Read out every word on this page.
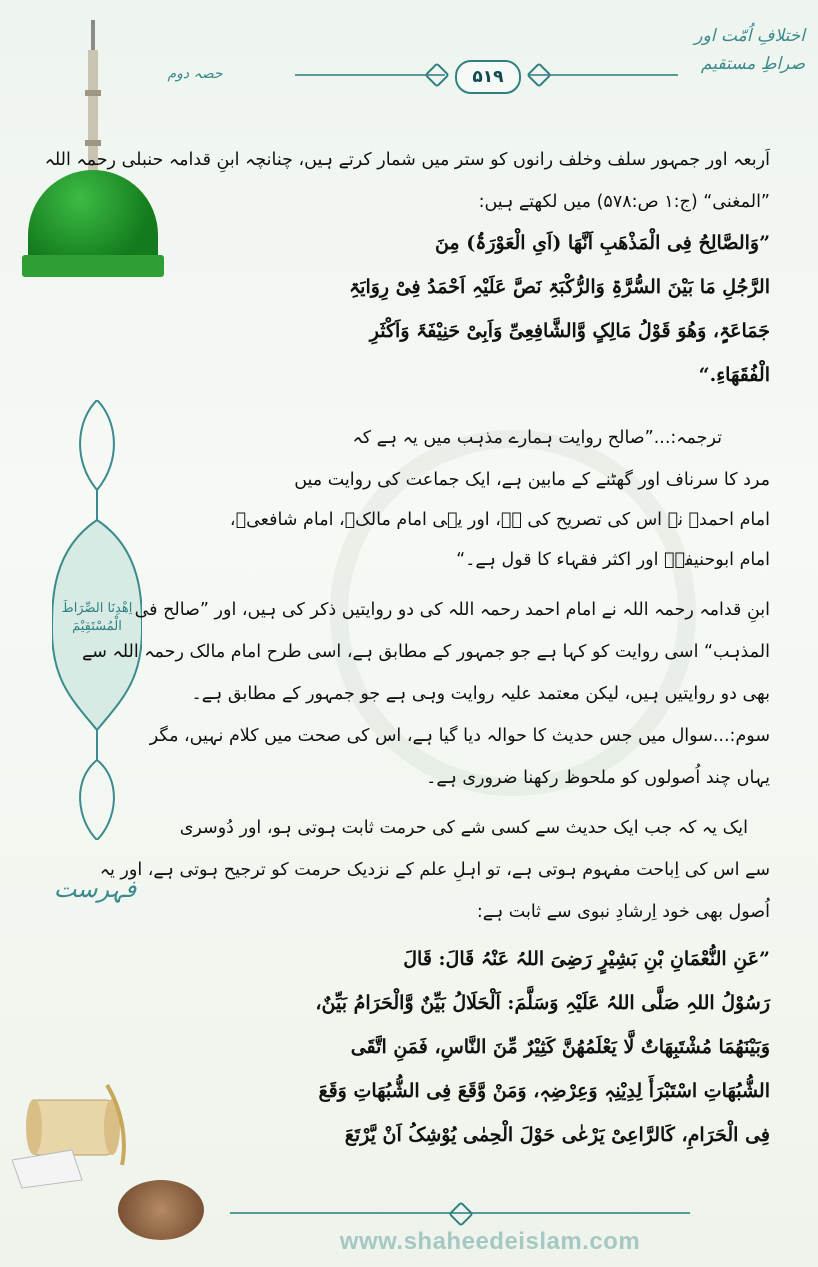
اختلافِ اُمّت اور صراطِ مستقیم
حصہ دوم	۵۱۹
اِھْدِنَا الصِّرَاطَ الْمُسْتَقِیْمَ
فہرست
اَربعہ اور جمہور سلف وخلف رانوں کو ستر میں شمار کرتے ہیں، چنانچہ ابنِ قدامہ حنبلی رحمہ اللہ
”المغنی“ (ج:۱ ص:۵۷۸) میں لکھتے ہیں:
”وَالصَّالِحُ فِی الْمَذْھَبِ اَنَّھَا (اَیِ الْعَوْرَۃُ) مِنَ
الرَّجُلِ مَا بَیْنَ السُّرَّۃِ وَالرُّکْبَۃِ نَصَّ عَلَیْہِ اَحْمَدُ فِیْ رِوَایَۃِ
جَمَاعَۃٍ، وَھُوَ قَوْلُ مَالِکٍ وَّالشَّافِعِیِّ وَاَبِیْ حَنِیْفَۃَ وَاَکْثَرِ
الْفُقَھَاءِ.“
ترجمہ:...”صالح روایت ہمارے مذہب میں یہ ہے کہ
مرد کا سرناف اور گھٹنے کے مابین ہے، ایک جماعت کی روایت میں
امام احمدؒ نے اس کی تصریح کی ہے، اور یہی امام مالکؒ، امام شافعیؒ،
امام ابوحنیفہؒ اور اکثر فقہاء کا قول ہے۔“
ابنِ قدامہ رحمہ اللہ نے امام احمد رحمہ اللہ کی دو روایتیں ذکر کی ہیں، اور ”صالح فی
المذہب“ اسی روایت کو کہا ہے جو جمہور کے مطابق ہے، اسی طرح امام مالک رحمہ اللہ سے
بھی دو روایتیں ہیں، لیکن معتمد علیہ روایت وہی ہے جو جمہور کے مطابق ہے۔
سوم:...سوال میں جس حدیث کا حوالہ دیا گیا ہے، اس کی صحت میں کلام نہیں، مگر
یہاں چند اُصولوں کو ملحوظ رکھنا ضروری ہے۔
ایک یہ کہ جب ایک حدیث سے کسی شے کی حرمت ثابت ہوتی ہو، اور دُوسری
سے اس کی اِباحت مفہوم ہوتی ہے، تو اہلِ علم کے نزدیک حرمت کو ترجیح ہوتی ہے، اور یہ
اُصول بھی خود اِرشادِ نبوی سے ثابت ہے:
”عَنِ النُّعْمَانِ بْنِ بَشِیْرٍ رَضِیَ اللہُ عَنْہُ قَالَ: قَالَ
رَسُوْلُ اللہِ صَلَّی اللہُ عَلَیْہِ وَسَلَّمَ: اَلْحَلَالُ بَیِّنٌ وَّالْحَرَامُ بَیِّنٌ،
وَبَیْنَھُمَا مُشْتَبِھَاتٌ لَّا یَعْلَمُھُنَّ کَثِیْرٌ مِّنَ النَّاسِ، فَمَنِ اتَّقَی
الشُّبُھَاتِ اسْتَبْرَأَ لِدِیْنِہٖ وَعِرْضِہٖ، وَمَنْ وَّقَعَ فِی الشُّبُھَاتِ وَقَعَ
فِی الْحَرَامِ، کَالرَّاعِیْ یَرْعٰی حَوْلَ الْحِمٰی یُوْشِکُ اَنْ یَّرْتَعَ
www.shaheedeislam.com
